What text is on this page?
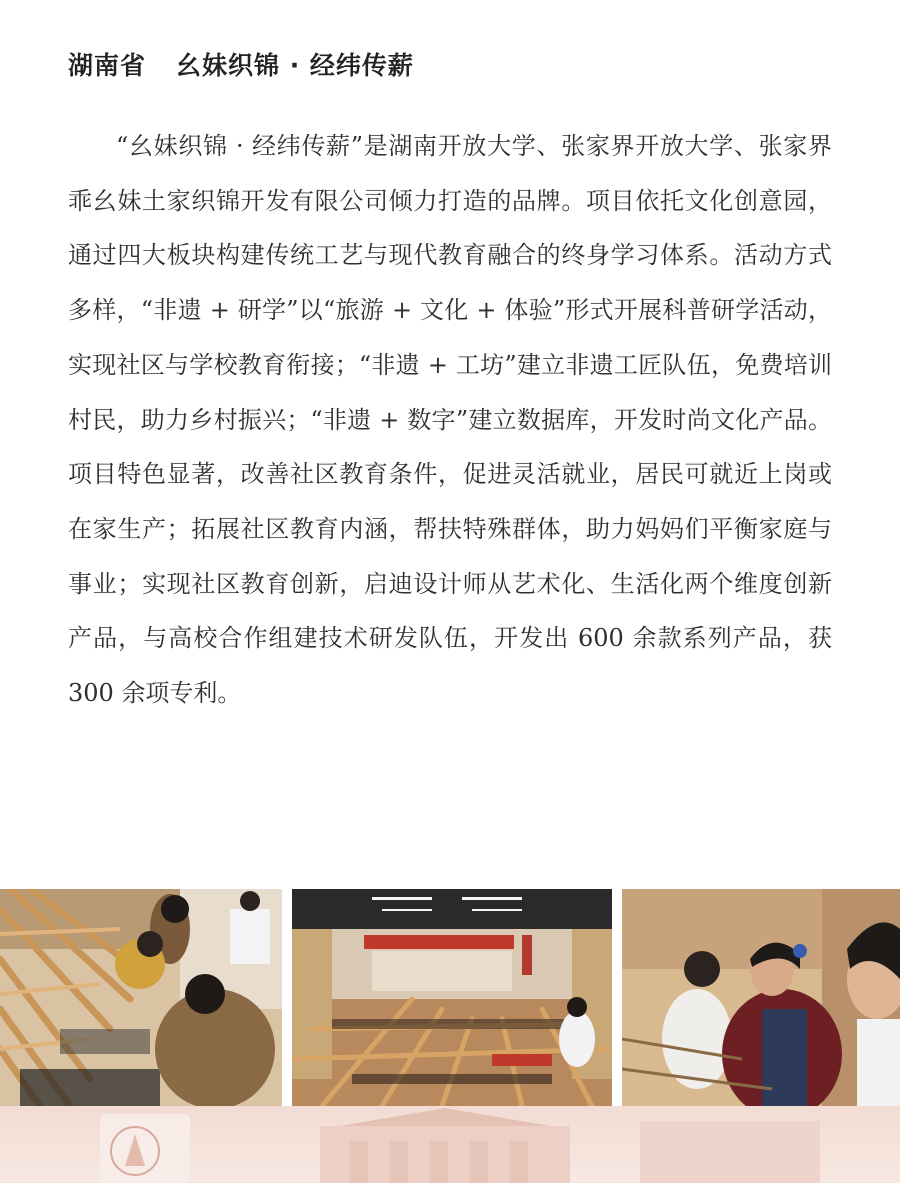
湖南省 幺妹织锦 · 经纬传薪

“幺妹织锦 · 经纬传薪”是湖南开放大学、张家界开放大学、张家界乖幺妹土家织锦开发有限公司倾力打造的品牌。项目依托文化创意园，通过四大板块构建传统工艺与现代教育融合的终身学习体系。活动方式多样，“非遗 + 研学”以“旅游 + 文化 + 体验”形式开展科普研学活动，实现社区与学校教育衔接；“非遗 + 工坊”建立非遗工匠队伍，免费培训村民，助力乡村振兴；“非遗 + 数字”建立数据库，开发时尚文化产品。项目特色显著，改善社区教育条件，促进灵活就业，居民可就近上岗或在家生产；拓展社区教育内涵，帮扶特殊群体，助力妈妈们平衡家庭与事业；实现社区教育创新，启迪设计师从艺术化、生活化两个维度创新产品，与高校合作组建技术研发队伍，开发出 600 余款系列产品，获 300 余项专利。
